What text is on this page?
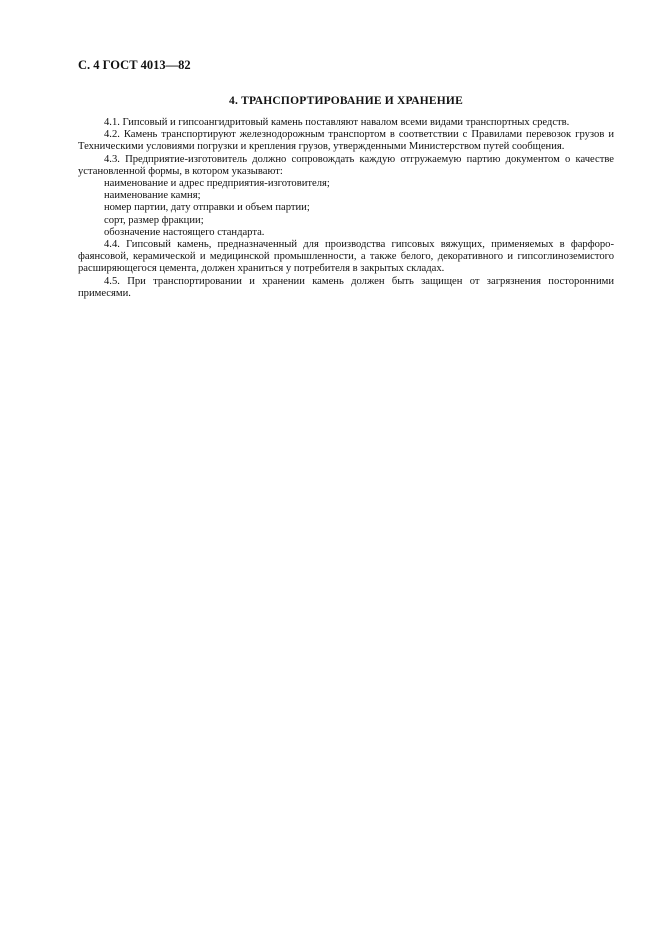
С. 4 ГОСТ 4013—82
4. ТРАНСПОРТИРОВАНИЕ И ХРАНЕНИЕ

4.1. Гипсовый и гипсоангидритовый камень поставляют навалом всеми видами транспортных средств.

4.2. Камень транспортируют железнодорожным транспортом в соответствии с Правилами перевозок грузов и Техническими условиями погрузки и крепления грузов, утвержденными Министерством путей сообщения.

4.3. Предприятие-изготовитель должно сопровождать каждую отгружаемую партию документом о качестве установленной формы, в котором указывают:

наименование и адрес предприятия-изготовителя;

наименование камня;

номер партии, дату отправки и объем партии;

сорт, размер фракции;

обозначение настоящего стандарта.

4.4. Гипсовый камень, предназначенный для производства гипсовых вяжущих, применяемых в фарфоро-фаянсовой, керамической и медицинской промышленности, а также белого, декоративного и гипсоглиноземистого расширяющегося цемента, должен храниться у потребителя в закрытых складах.

4.5. При транспортировании и хранении камень должен быть защищен от загрязнения посторонними примесями.
